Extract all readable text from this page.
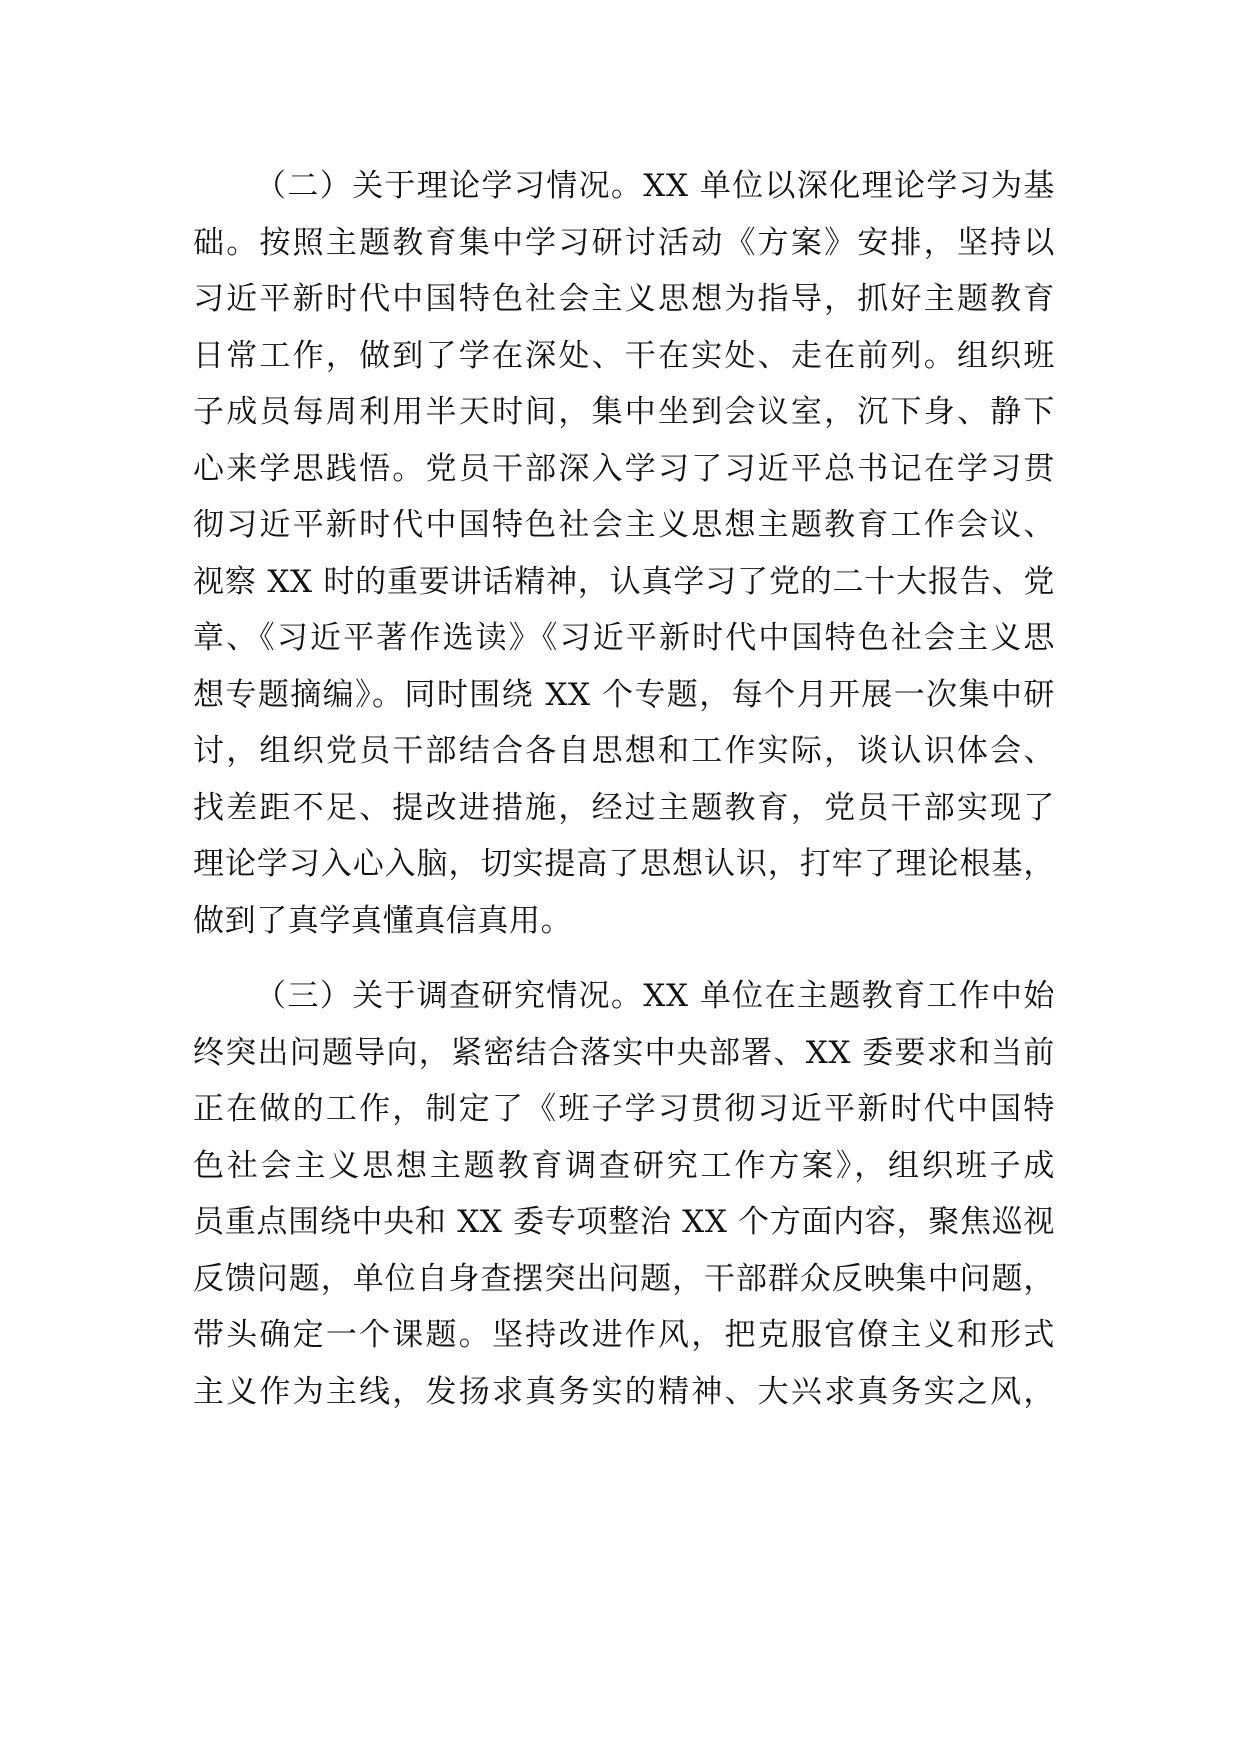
（二）关于理论学习情况。XX 单位以深化理论学习为基
础。按照主题教育集中学习研讨活动《方案》安排，坚持以
习近平新时代中国特色社会主义思想为指导，抓好主题教育
日常工作，做到了学在深处、干在实处、走在前列。组织班
子成员每周利用半天时间，集中坐到会议室，沉下身、静下
心来学思践悟。党员干部深入学习了习近平总书记在学习贯
彻习近平新时代中国特色社会主义思想主题教育工作会议、
视察 XX 时的重要讲话精神，认真学习了党的二十大报告、党
章、《习近平著作选读》《习近平新时代中国特色社会主义思
想专题摘编》。同时围绕 XX 个专题，每个月开展一次集中研
讨，组织党员干部结合各自思想和工作实际，谈认识体会、
找差距不足、提改进措施，经过主题教育，党员干部实现了
理论学习入心入脑，切实提高了思想认识，打牢了理论根基，
做到了真学真懂真信真用。

（三）关于调查研究情况。XX 单位在主题教育工作中始
终突出问题导向，紧密结合落实中央部署、XX 委要求和当前
正在做的工作，制定了《班子学习贯彻习近平新时代中国特
色社会主义思想主题教育调查研究工作方案》，组织班子成
员重点围绕中央和 XX 委专项整治 XX 个方面内容，聚焦巡视
反馈问题，单位自身查摆突出问题，干部群众反映集中问题，
带头确定一个课题。坚持改进作风，把克服官僚主义和形式
主义作为主线，发扬求真务实的精神、大兴求真务实之风，
